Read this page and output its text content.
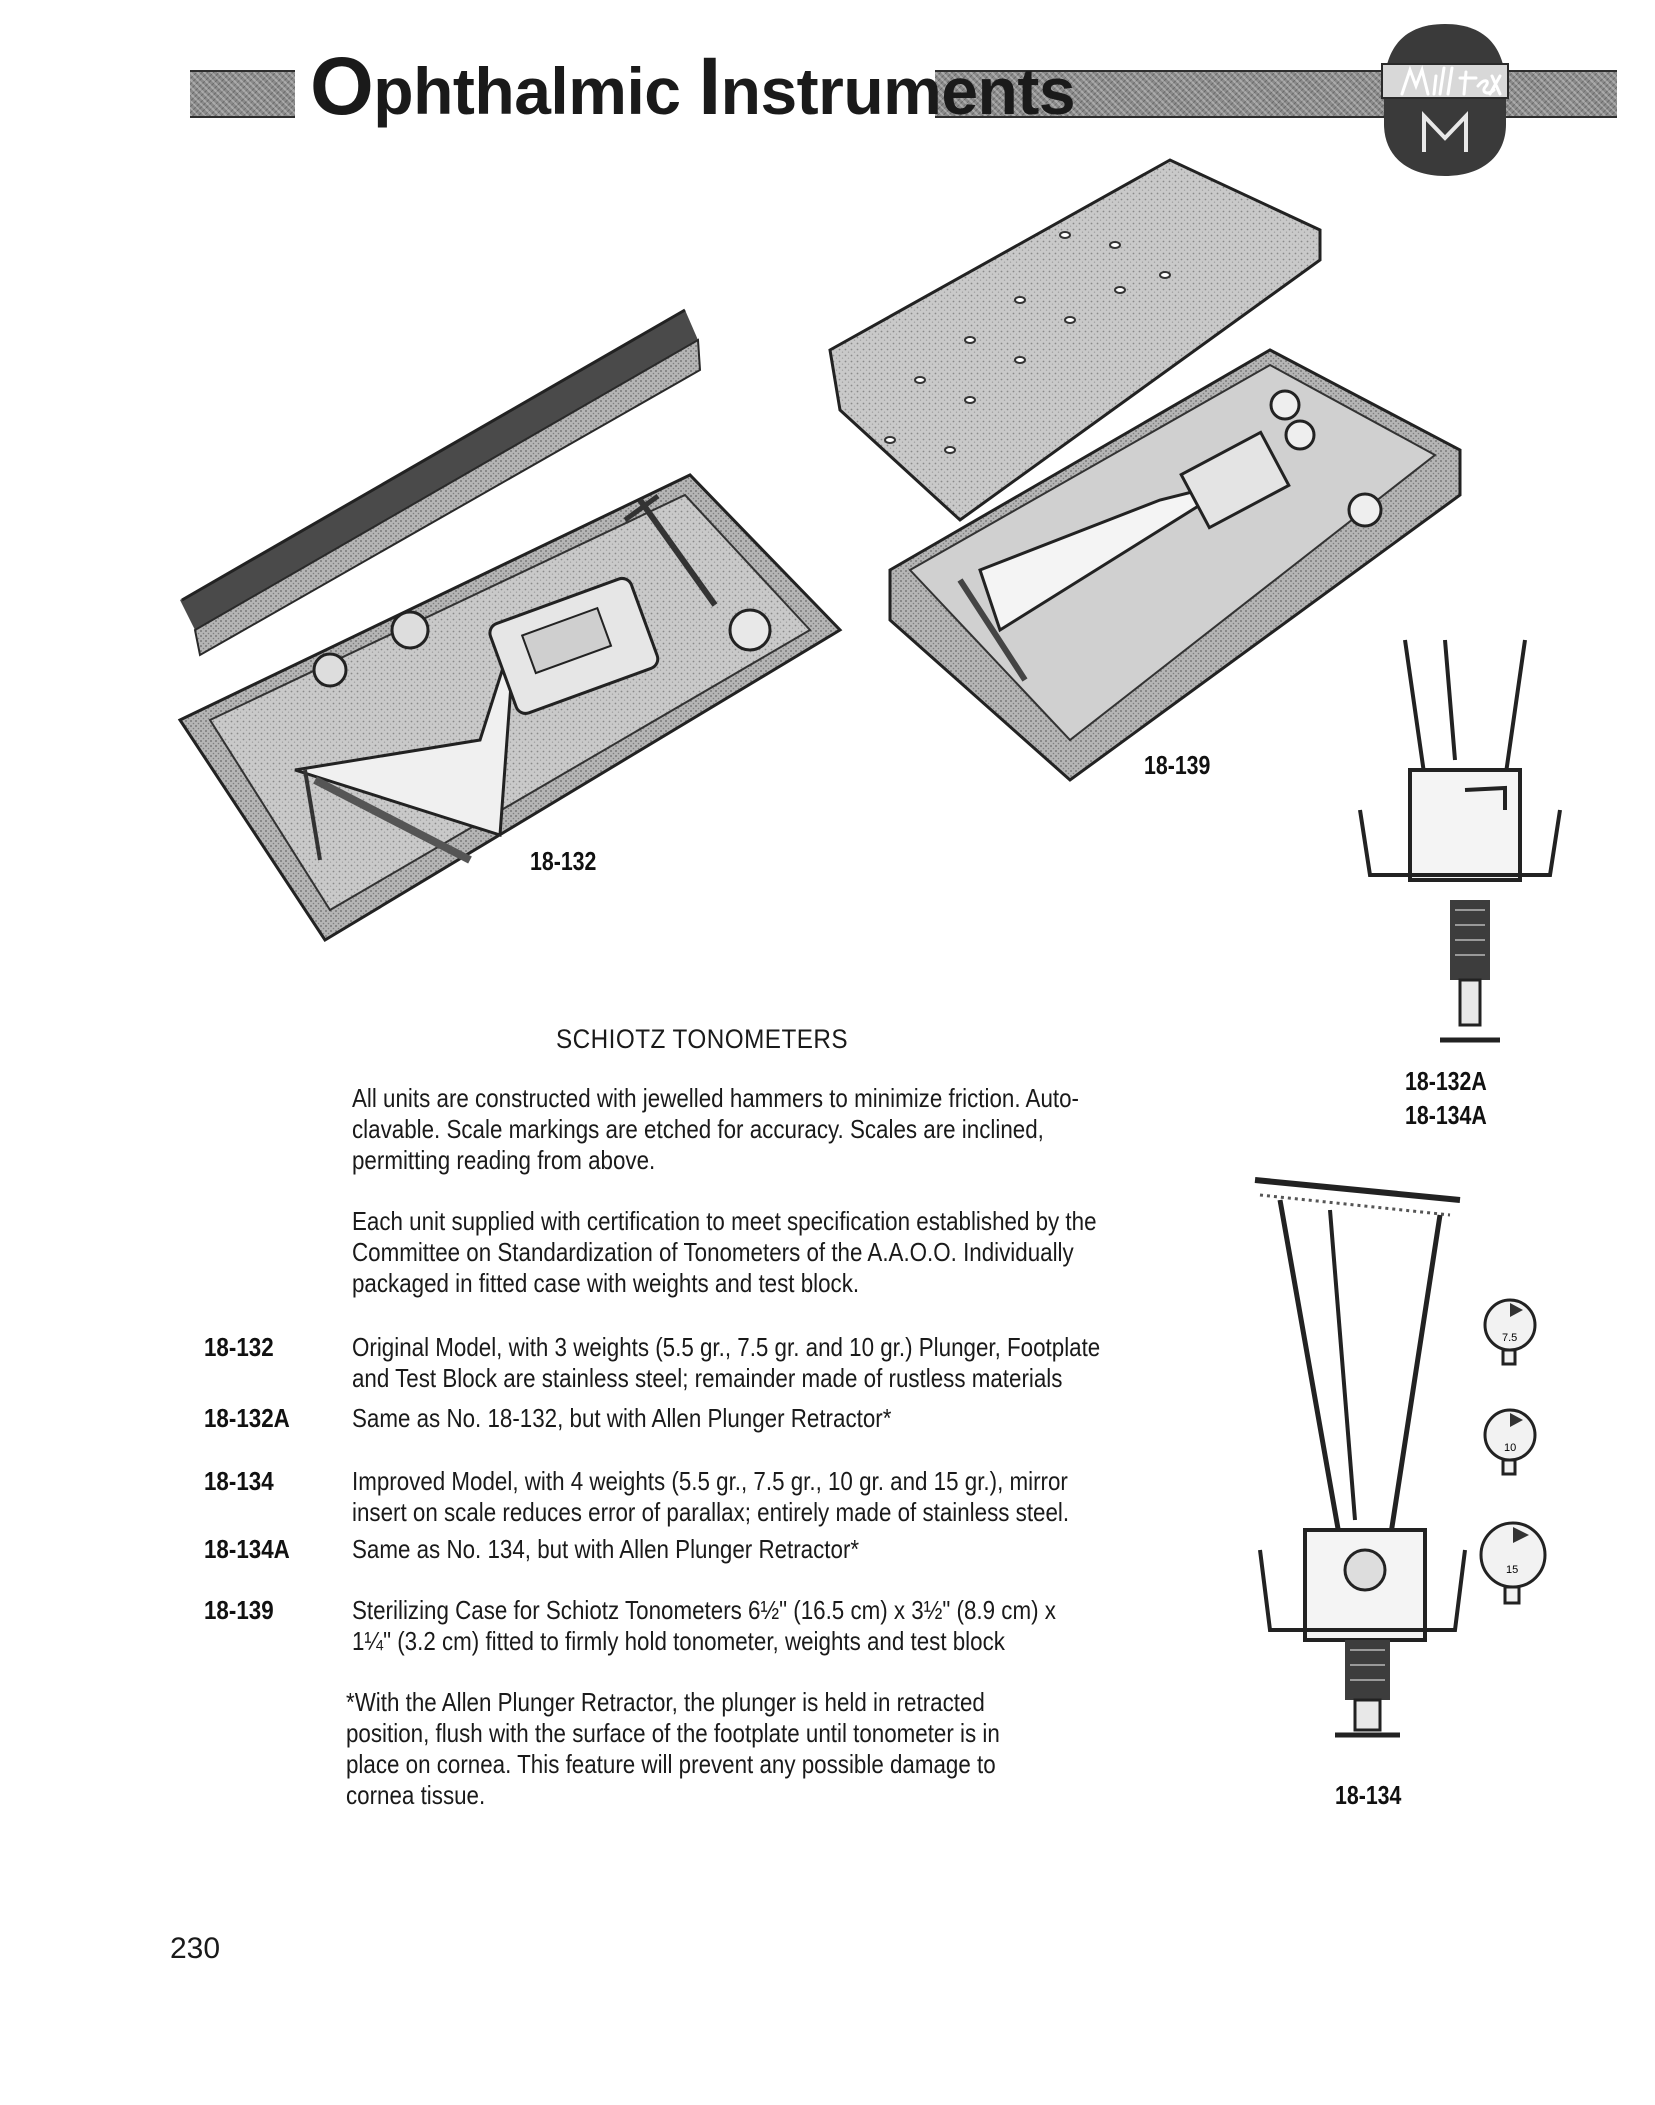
Ophthalmic Instruments
18-132
18-139
18-132A
18-134A
18-134
7.5
10
15
SCHIOTZ TONOMETERS
All units are constructed with jewelled hammers to minimize friction. Auto-
clavable. Scale markings are etched for accuracy. Scales are inclined,
permitting reading from above.
Each unit supplied with certification to meet specification established by the
Committee on Standardization of Tonometers of the A.A.O.O. Individually
packaged in fitted case with weights and test block.
18-132	Original Model, with 3 weights (5.5 gr., 7.5 gr. and 10 gr.) Plunger, Footplate
and Test Block are stainless steel; remainder made of rustless materials
18-132A Same as No. 18-132, but with Allen Plunger Retractor*
18-134	Improved Model, with 4 weights (5.5 gr., 7.5 gr., 10 gr. and 15 gr.), mirror
insert on scale reduces error of parallax; entirely made of stainless steel.
18-134A Same as No. 134, but with Allen Plunger Retractor*
18-139	Sterilizing Case for Schiotz Tonometers 6½" (16.5 cm) x 3½" (8.9 cm) x
1¼" (3.2 cm) fitted to firmly hold tonometer, weights and test block
*With the Allen Plunger Retractor, the plunger is held in retracted
position, flush with the surface of the footplate until tonometer is in
place on cornea. This feature will prevent any possible damage to
cornea tissue.
230
